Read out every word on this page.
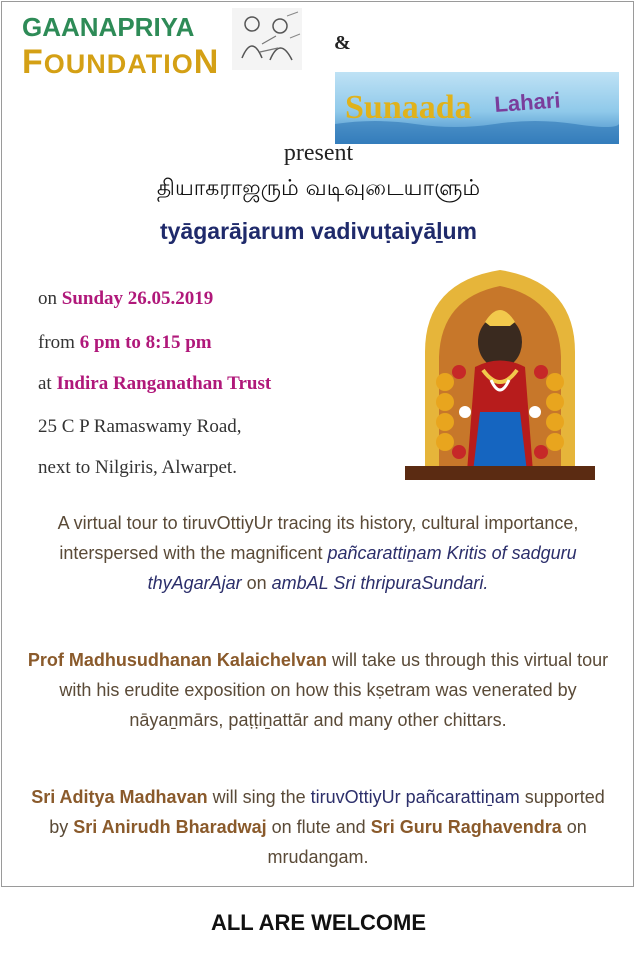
GAANAPRIYA
FOUNDATION	&
Sunaada Lahari
present
தியாகராஜரும் வடிவுடையாளும்
tyāgarājarum vadivuṭaiyāḻum
on Sunday 26.05.2019
from 6 pm to 8:15 pm
at Indira Ranganathan Trust
25 C P Ramaswamy Road,
next to Nilgiris, Alwarpet.
A virtual tour to tiruvOttiyUr tracing its history, cultural importance, interspersed with the magnificent pañcarattiṉam Kritis of sadguru thyAgarAjar on ambAL Sri thripuraSundari.
Prof Madhusudhanan Kalaichelvan will take us through this virtual tour with his erudite exposition on how this kṣetram was venerated by nāyaṉmārs, paṭṭiṉattār and many other chittars.
Sri Aditya Madhavan will sing the tiruvOttiyUr pañcarattiṉam supported by Sri Anirudh Bharadwaj on flute and Sri Guru Raghavendra on mrudangam.
ALL ARE WELCOME
